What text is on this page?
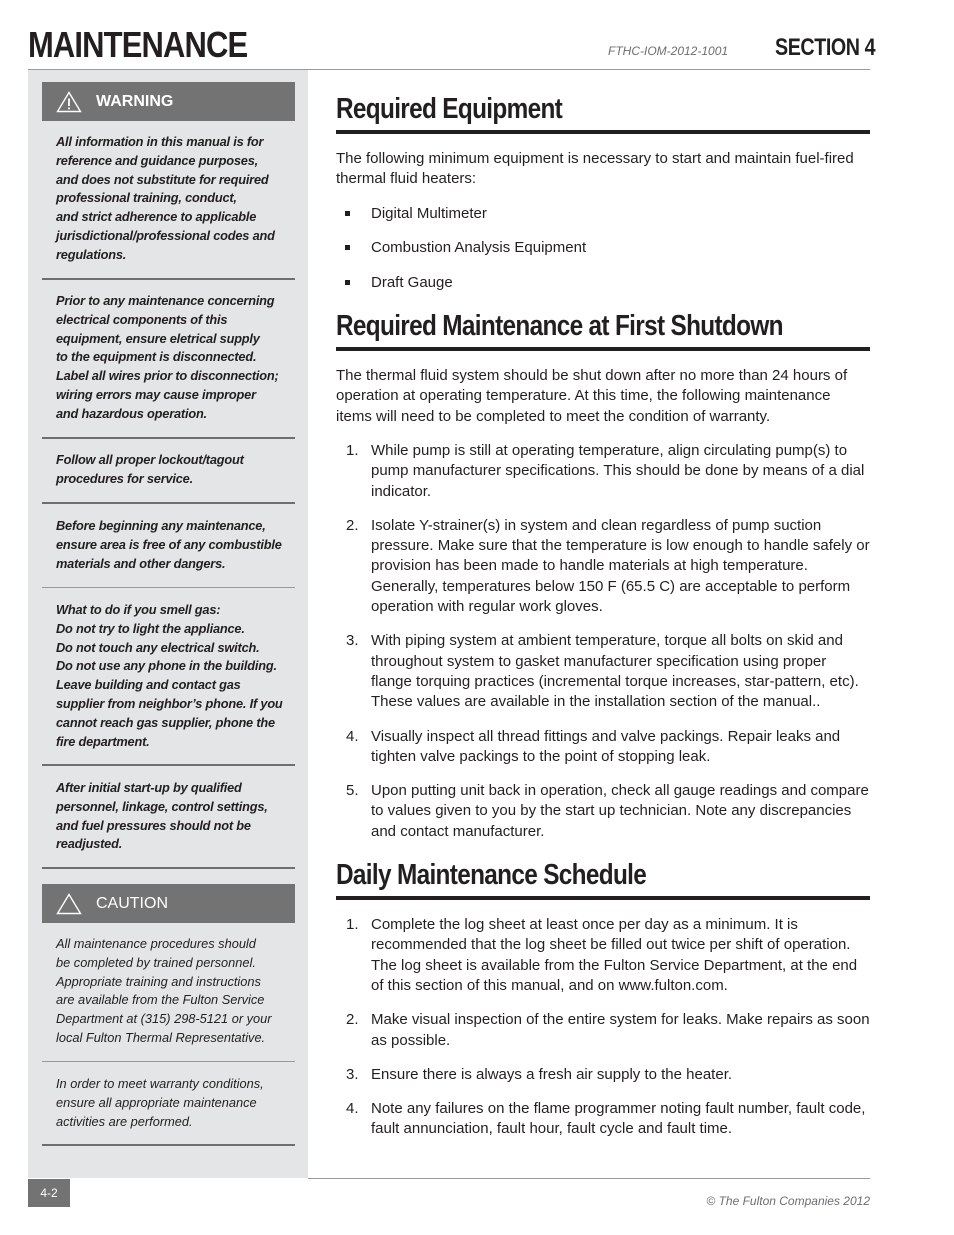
MAINTENANCE	FTHC-IOM-2012-1001 SECTION 4
WARNING
All information in this manual is for
reference and guidance purposes,
and does not substitute for required
professional training, conduct,
and strict adherence to applicable
jurisdictional/professional codes and
regulations.
Prior to any maintenance concerning
electrical components of this
equipment, ensure eletrical supply
to the equipment is disconnected.
Label all wires prior to disconnection;
wiring errors may cause improper
and hazardous operation.
Follow all proper lockout/tagout
procedures for service.
Before beginning any maintenance,
ensure area is free of any combustible
materials and other dangers.
What to do if you smell gas:
Do not try to light the appliance.
Do not touch any electrical switch.
Do not use any phone in the building.
Leave building and contact gas
supplier from neighbor’s phone. If you
cannot reach gas supplier, phone the
fire department.
After initial start-up by qualified
personnel, linkage, control settings,
and fuel pressures should not be
readjusted.
CAUTION
All maintenance procedures should
be completed by trained personnel.
Appropriate training and instructions
are available from the Fulton Service
Department at (315) 298-5121 or your
local Fulton Thermal Representative.
In order to meet warranty conditions,
ensure all appropriate maintenance
activities are performed.
Required Equipment

The following minimum equipment is necessary to start and maintain fuel-fired thermal fluid heaters:

Digital Multimeter
Combustion Analysis Equipment
Draft Gauge
Required Maintenance at First Shutdown

The thermal fluid system should be shut down after no more than 24 hours of operation at operating temperature. At this time, the following maintenance items will need to be completed to meet the condition of warranty.

1. While pump is still at operating temperature, align circulating pump(s) to pump manufacturer specifications. This should be done by means of a dial indicator.
2. Isolate Y-strainer(s) in system and clean regardless of pump suction pressure. Make sure that the temperature is low enough to handle safely or provision has been made to handle materials at high temperature. Generally, temperatures below 150 F (65.5 C) are acceptable to perform operation with regular work gloves.
3. With piping system at ambient temperature, torque all bolts on skid and throughout system to gasket manufacturer specification using proper flange torquing practices (incremental torque increases, star-pattern, etc). These values are available in the installation section of the manual..
4. Visually inspect all thread fittings and valve packings. Repair leaks and tighten valve packings to the point of stopping leak.
5. Upon putting unit back in operation, check all gauge readings and compare to values given to you by the start up technician. Note any discrepancies and contact manufacturer.
Daily Maintenance Schedule
1. Complete the log sheet at least once per day as a minimum. It is recommended that the log sheet be filled out twice per shift of operation. The log sheet is available from the Fulton Service Department, at the end of this section of this manual, and on www.fulton.com.
2. Make visual inspection of the entire system for leaks. Make repairs as soon as possible.
3. Ensure there is always a fresh air supply to the heater.
4. Note any failures on the flame programmer noting fault number, fault code, fault annunciation, fault hour, fault cycle and fault time.
4-2
© The Fulton Companies 2012
